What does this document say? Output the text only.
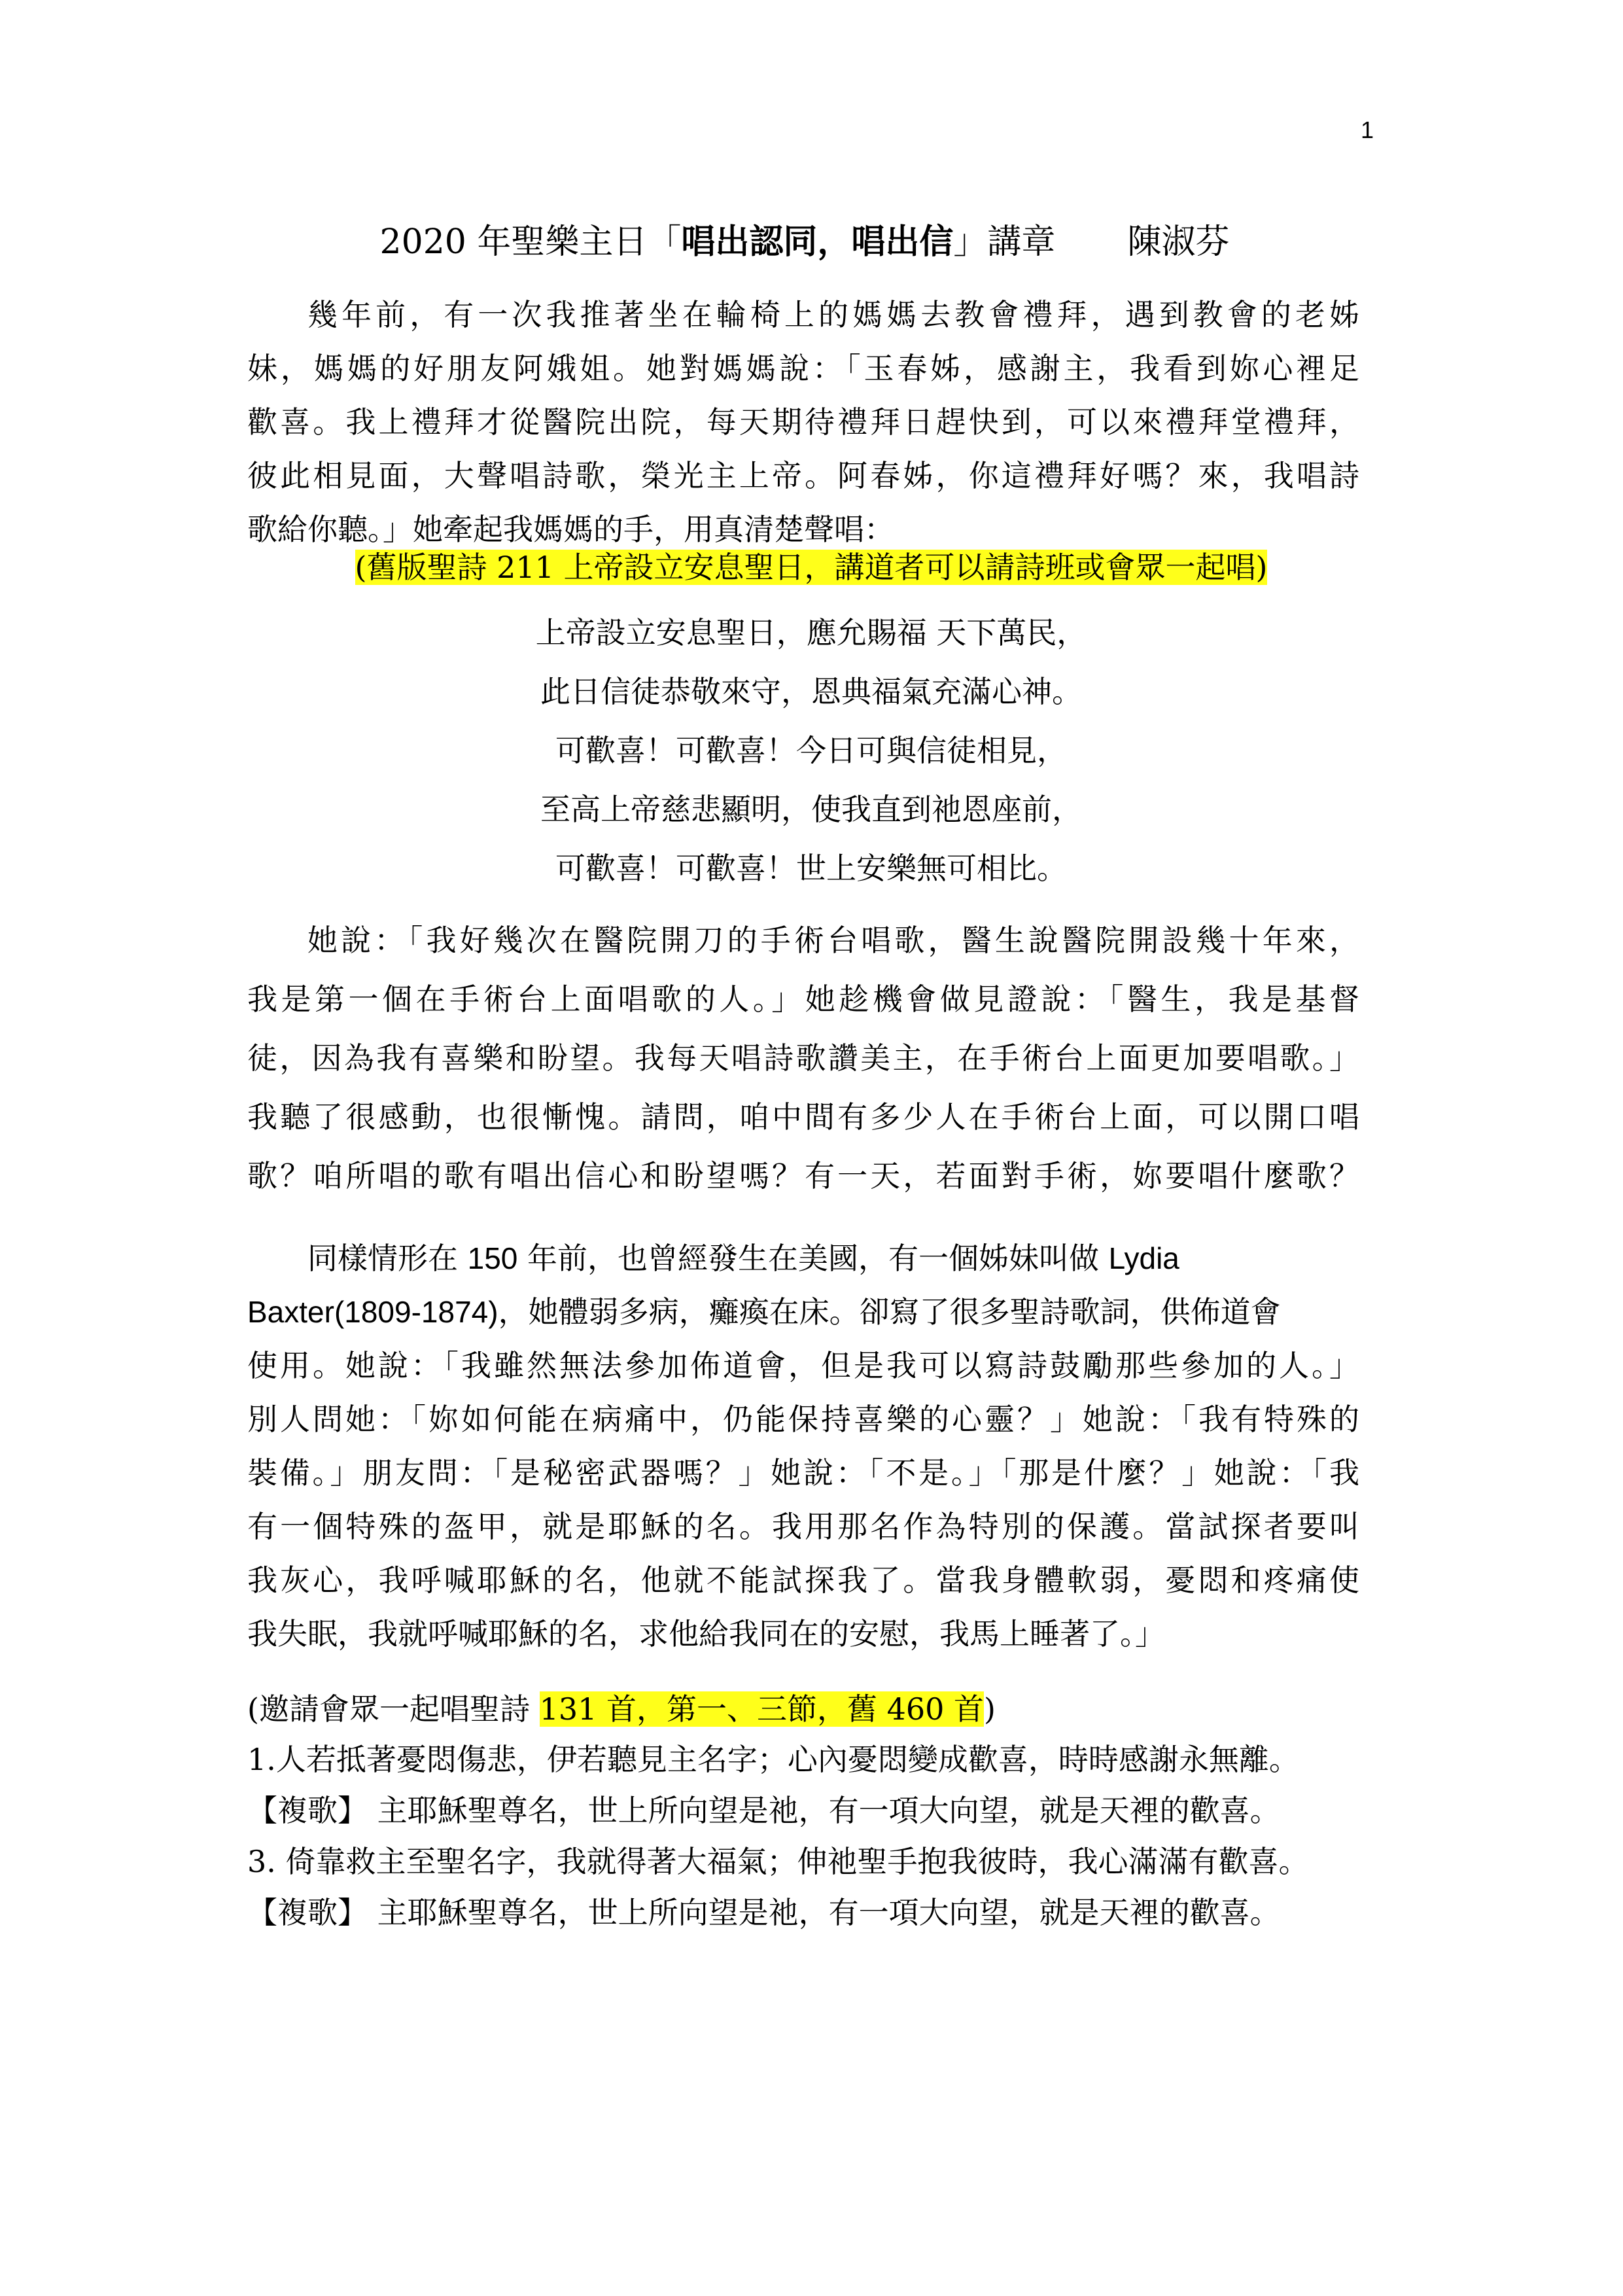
1
2020 年聖樂主日「唱出認同，唱出信」講章 陳淑芬
幾年前，有一次我推著坐在輪椅上的媽媽去教會禮拜，遇到教會的老姊
妹，媽媽的好朋友阿娥姐。她對媽媽說：「玉春姊，感謝主，我看到妳心裡足
歡喜。我上禮拜才從醫院出院，每天期待禮拜日趕快到，可以來禮拜堂禮拜，
彼此相見面，大聲唱詩歌，榮光主上帝。阿春姊，你這禮拜好嗎？來，我唱詩
歌給你聽。」她牽起我媽媽的手，用真清楚聲唱：
(舊版聖詩 211 上帝設立安息聖日，講道者可以請詩班或會眾一起唱)
上帝設立安息聖日，應允賜福 天下萬民，
此日信徒恭敬來守，恩典福氣充滿心神。
可歡喜！可歡喜！今日可與信徒相見，
至高上帝慈悲顯明，使我直到祂恩座前，
可歡喜！可歡喜！世上安樂無可相比。
她說：「我好幾次在醫院開刀的手術台唱歌，醫生說醫院開設幾十年來，
我是第一個在手術台上面唱歌的人。」她趁機會做見證說：「醫生，我是基督
徒，因為我有喜樂和盼望。我每天唱詩歌讚美主，在手術台上面更加要唱歌。」
我聽了很感動，也很慚愧。請問，咱中間有多少人在手術台上面，可以開口唱
歌？咱所唱的歌有唱出信心和盼望嗎？有一天，若面對手術，妳要唱什麼歌？
同樣情形在 150 年前，也曾經發生在美國，有一個姊妹叫做 Lydia
Baxter(1809-1874)，她體弱多病，癱瘓在床。卻寫了很多聖詩歌詞，供佈道會
使用。她說：「我雖然無法參加佈道會，但是我可以寫詩鼓勵那些參加的人。」
別人問她：「妳如何能在病痛中，仍能保持喜樂的心靈？」她說：「我有特殊的
裝備。」朋友問：「是秘密武器嗎？」她說：「不是。」「那是什麼？」她說：「我
有一個特殊的盔甲，就是耶穌的名。我用那名作為特別的保護。當試探者要叫
我灰心，我呼喊耶穌的名，他就不能試探我了。當我身體軟弱，憂悶和疼痛使
我失眠，我就呼喊耶穌的名，求他給我同在的安慰，我馬上睡著了。」
(邀請會眾一起唱聖詩 131 首，第一、三節，舊 460 首)
1.人若抵著憂悶傷悲，伊若聽見主名字；心內憂悶變成歡喜，時時感謝永無離。
【複歌】 主耶穌聖尊名，世上所向望是祂，有一項大向望，就是天裡的歡喜。
3. 倚靠救主至聖名字，我就得著大福氣；伸祂聖手抱我彼時，我心滿滿有歡喜。
【複歌】 主耶穌聖尊名，世上所向望是祂，有一項大向望，就是天裡的歡喜。
